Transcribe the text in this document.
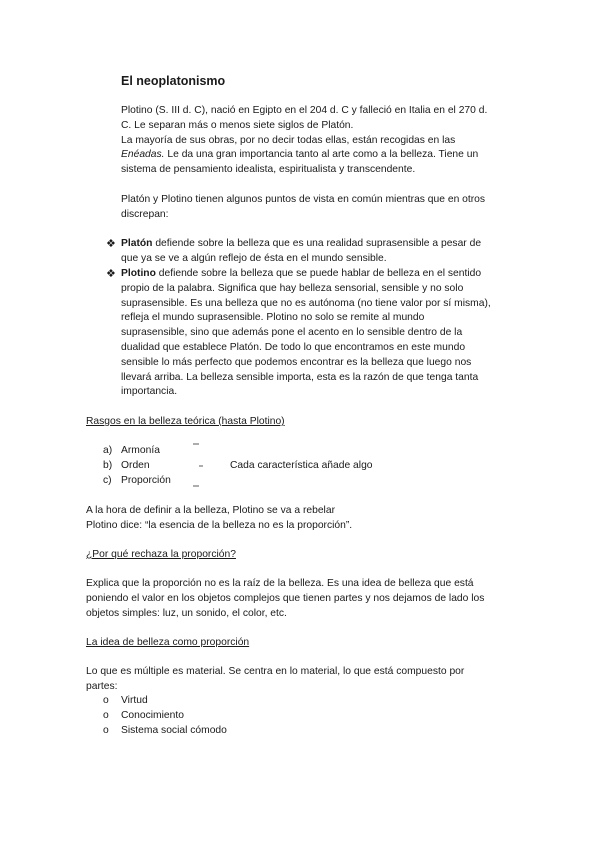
El neoplatonismo
Plotino (S. III d. C), nació en Egipto en el 204 d. C y falleció en Italia en el 270 d.
C. Le separan más o menos siete siglos de Platón.
La mayoría de sus obras, por no decir todas ellas, están recogidas en las
Enéadas. Le da una gran importancia tanto al arte como a la belleza. Tiene un
sistema de pensamiento idealista, espiritualista y transcendente.
Platón y Plotino tienen algunos puntos de vista en común mientras que en otros
discrepan:
❖ Platón defiende sobre la belleza que es una realidad suprasensible a pesar de
que ya se ve a algún reflejo de ésta en el mundo sensible.
❖ Plotino defiende sobre la belleza que se puede hablar de belleza en el sentido
propio de la palabra. Significa que hay belleza sensorial, sensible y no solo
suprasensible. Es una belleza que no es autónoma (no tiene valor por sí misma),
refleja el mundo suprasensible. Plotino no solo se remite al mundo
suprasensible, sino que además pone el acento en lo sensible dentro de la
dualidad que establece Platón. De todo lo que encontramos en este mundo
sensible lo más perfecto que podemos encontrar es la belleza que luego nos
llevará arriba. La belleza sensible importa, esta es la razón de que tenga tanta
importancia.
Rasgos en la belleza teórica (hasta Plotino)
a) Armonía
b) Orden
c) Proporción
Cada característica añade algo
A la hora de definir a la belleza, Plotino se va a rebelar
Plotino dice: “la esencia de la belleza no es la proporción”.
¿Por qué rechaza la proporción?
Explica que la proporción no es la raíz de la belleza. Es una idea de belleza que está
poniendo el valor en los objetos complejos que tienen partes y nos dejamos de lado los
objetos simples: luz, un sonido, el color, etc.
La idea de belleza como proporción
Lo que es múltiple es material. Se centra en lo material, lo que está compuesto por
partes:
o	Virtud
o	Conocimiento
o	Sistema social cómodo
